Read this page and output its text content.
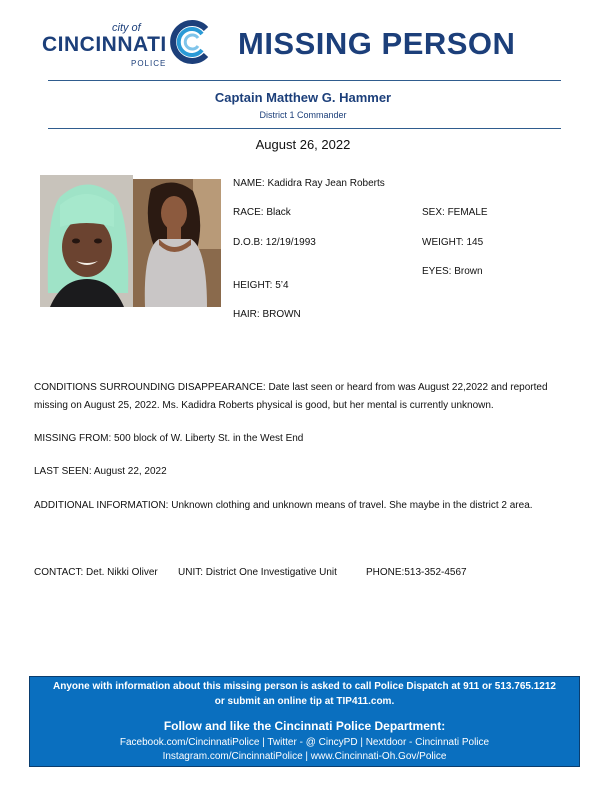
city of
CINCINNATI
POLICE
MISSING PERSON
Captain Matthew G. Hammer
District 1 Commander
August 26, 2022
NAME: Kadidra Ray Jean Roberts
RACE: Black	SEX: FEMALE
D.O.B: 12/19/1993	WEIGHT: 145
EYES: Brown
HEIGHT: 5’4
HAIR: BROWN
CONDITIONS SURROUNDING DISAPPEARANCE: Date last seen or heard from was August 22,2022 and reported missing on August 25, 2022. Ms. Kadidra Roberts physical is good, but her mental is currently unknown.
MISSING FROM: 500 block of W. Liberty St. in the West End
LAST SEEN: August 22, 2022
ADDITIONAL INFORMATION: Unknown clothing and unknown means of travel. She maybe in the district 2 area.
CONTACT: Det. Nikki Oliver UNIT: District One Investigative Unit	PHONE:513-352-4567
Anyone with information about this missing person is asked to call Police Dispatch at 911 or 513.765.1212
or submit an online tip at TIP411.com.
Follow and like the Cincinnati Police Department:
Facebook.com/CincinnatiPolice | Twitter - @ CincyPD | Nextdoor - Cincinnati Police
Instagram.com/CincinnatiPolice | www.Cincinnati-Oh.Gov/Police
